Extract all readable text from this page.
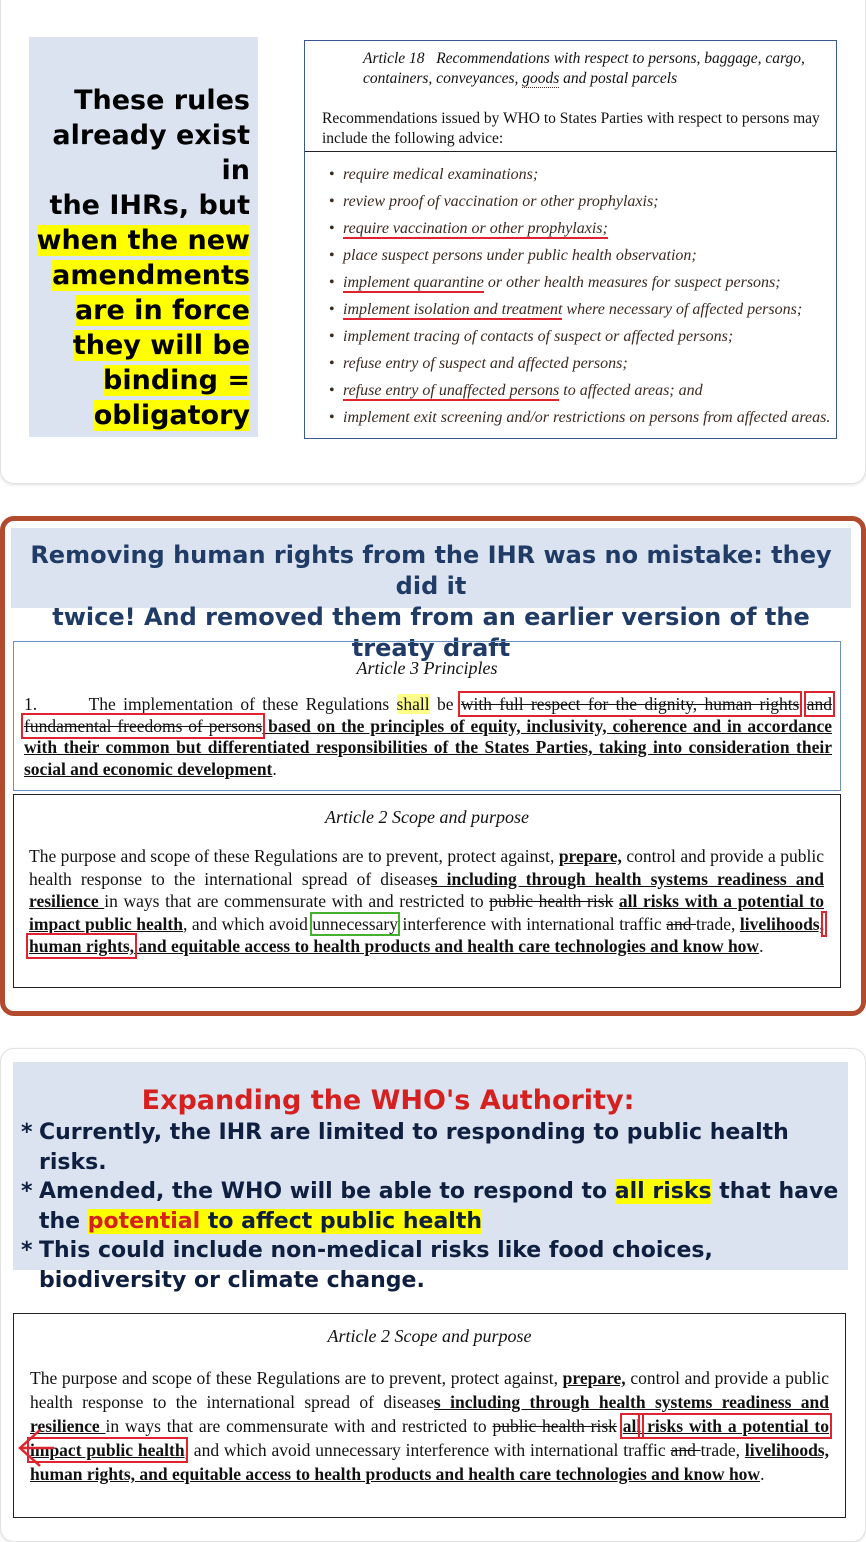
These rules
already exist in
the IHRs, but
when the new
amendments
are in force
they will be
binding =
obligatory
Article 18 Recommendations with respect to persons, baggage, cargo, containers, conveyances, goods and postal parcels
Recommendations issued by WHO to States Parties with respect to persons may include the following advice:
• require medical examinations;
• review proof of vaccination or other prophylaxis;
• require vaccination or other prophylaxis;
• place suspect persons under public health observation;
• implement quarantine or other health measures for suspect persons;
• implement isolation and treatment where necessary of affected persons;
• implement tracing of contacts of suspect or affected persons;
• refuse entry of suspect and affected persons;
• refuse entry of unaffected persons to affected areas; and
• implement exit screening and/or restrictions on persons from affected areas.
Removing human rights from the IHR was no mistake: they did it
twice! And removed them from an earlier version of the treaty draft
Article 3 Principles
1.	The implementation of these Regulations shall be with full respect for the dignity, human rights and fundamental freedoms of persons based on the principles of equity, inclusivity, coherence and in accordance with their common but differentiated responsibilities of the States Parties, taking into consideration their social and economic development.
Article 2 Scope and purpose
The purpose and scope of these Regulations are to prevent, protect against, prepare, control and provide a public health response to the international spread of diseases including through health systems readiness and resilience in ways that are commensurate with and restricted to public health risk all risks with a potential to impact public health, and which avoid unnecessary interference with international traffic and trade, livelihoods, human rights, and equitable access to health products and health care technologies and know how.
Expanding the WHO's Authority:
* Currently, the IHR are limited to responding to public health risks.
* Amended, the WHO will be able to respond to all risks that have the potential to affect public health
* This could include non-medical risks like food choices, biodiversity or climate change.
Article 2 Scope and purpose
The purpose and scope of these Regulations are to prevent, protect against, prepare, control and provide a public health response to the international spread of diseases including through health systems readiness and resilience in ways that are commensurate with and restricted to public health risk all risks with a potential to impact public health, and which avoid unnecessary interference with international traffic and trade, livelihoods, human rights, and equitable access to health products and health care technologies and know how.
